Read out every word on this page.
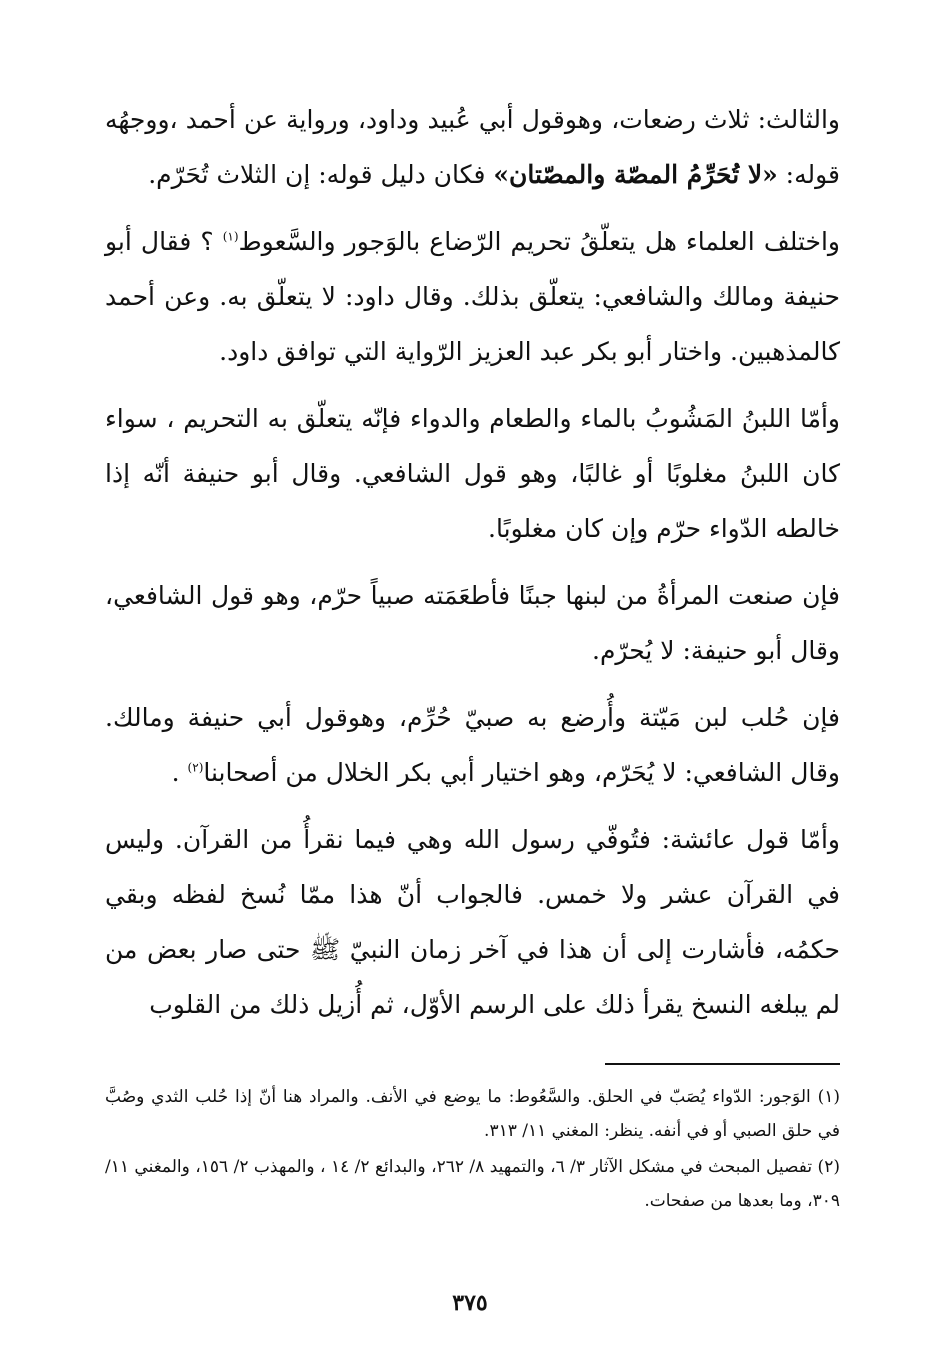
والثالث: ثلاث رضعات، وهوقول أبي عُبيد وداود، ورواية عن أحمد ،ووجهُه قوله: «لا تُحَرِّمُ المصّة والمصّتان» فكان دليل قوله: إن الثلاث تُحَرّم.

واختلف العلماء هل يتعلّقُ تحريم الرّضاع بالوَجور والسَّعوط$^{(١)}$ ؟ فقال أبو حنيفة ومالك والشافعي: يتعلّق بذلك. وقال داود: لا يتعلّق به. وعن أحمد كالمذهبين. واختار أبو بكر عبد العزيز الرّواية التي توافق داود.

وأمّا اللبنُ المَشُوبُ بالماء والطعام والدواء فإنّه يتعلّق به التحريم ، سواء كان اللبنُ مغلوبًا أو غالبًا، وهو قول الشافعي. وقال أبو حنيفة أنّه إذا خالطه الدّواء حرّم وإن كان مغلوبًا.

فإن صنعت المرأةُ من لبنها جبنًا فأطعَمَته صبياً حرّم، وهو قول الشافعي، وقال أبو حنيفة: لا يُحرّم.

فإن حُلب لبن مَيّتة وأُرضع به صبيّ حُرِّم، وهوقول أبي حنيفة ومالك. وقال الشافعي: لا يُحَرّم، وهو اختيار أبي بكر الخلال من أصحابنا$^{(٢)}$ .

وأمّا قول عائشة: فتُوفّي رسول الله وهي فيما نقرأُ من القرآن. وليس في القرآن عشر ولا خمس. فالجواب أنّ هذا ممّا نُسخ لفظه وبقي حكمُه، فأشارت إلى أن هذا في آخر زمان النبيّ ﷺ حتى صار بعض من لم يبلغه النسخ يقرأ ذلك على الرسم الأوّل، ثم أُزيل ذلك من القلوب

(١) الوَجور: الدّواء يُصَبّ في الحلق. والسَّعُوط: ما يوضع في الأنف. والمراد هنا أنّ إذا حُلب الثدي وصُبَّ في حلق الصبي أو في أنفه. ينظر: المغني ١١/ ٣١٣.

(٢) تفصيل المبحث في مشكل الآثار ٣/ ٦، والتمهيد ٨/ ٢٦٢، والبدائع ٢/ ١٤ ، والمهذب ٢/ ١٥٦، والمغني ١١/ ٣٠٩، وما بعدها من صفحات.

٣٧٥
